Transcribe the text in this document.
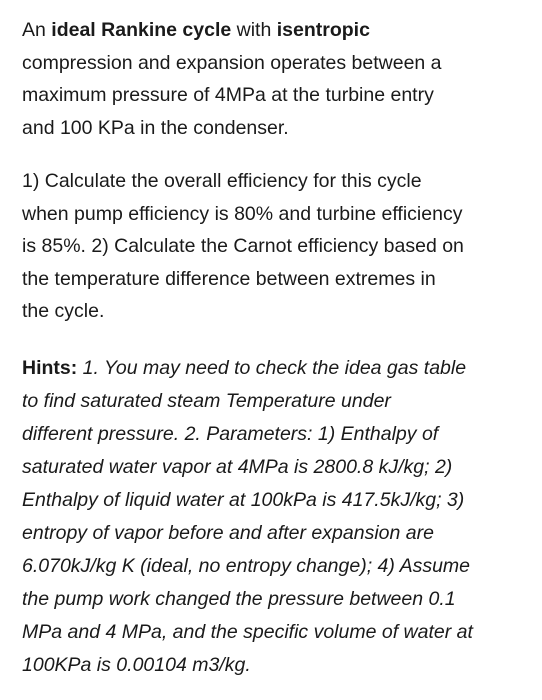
An ideal Rankine cycle with isentropic
compression and expansion operates between a
maximum pressure of 4MPa at the turbine entry
and 100 KPa in the condenser.

1) Calculate the overall efficiency for this cycle
when pump efficiency is 80% and turbine efficiency
is 85%. 2) Calculate the Carnot efficiency based on
the temperature difference between extremes in
the cycle.

Hints: 1. You may need to check the idea gas table
to find saturated steam Temperature under
different pressure. 2. Parameters: 1) Enthalpy of
saturated water vapor at 4MPa is 2800.8 kJ/kg; 2)
Enthalpy of liquid water at 100kPa is 417.5kJ/kg; 3)
entropy of vapor before and after expansion are
6.070kJ/kg K (ideal, no entropy change); 4) Assume
the pump work changed the pressure between 0.1
MPa and 4 MPa, and the specific volume of water at
100KPa is 0.00104 m3/kg.
